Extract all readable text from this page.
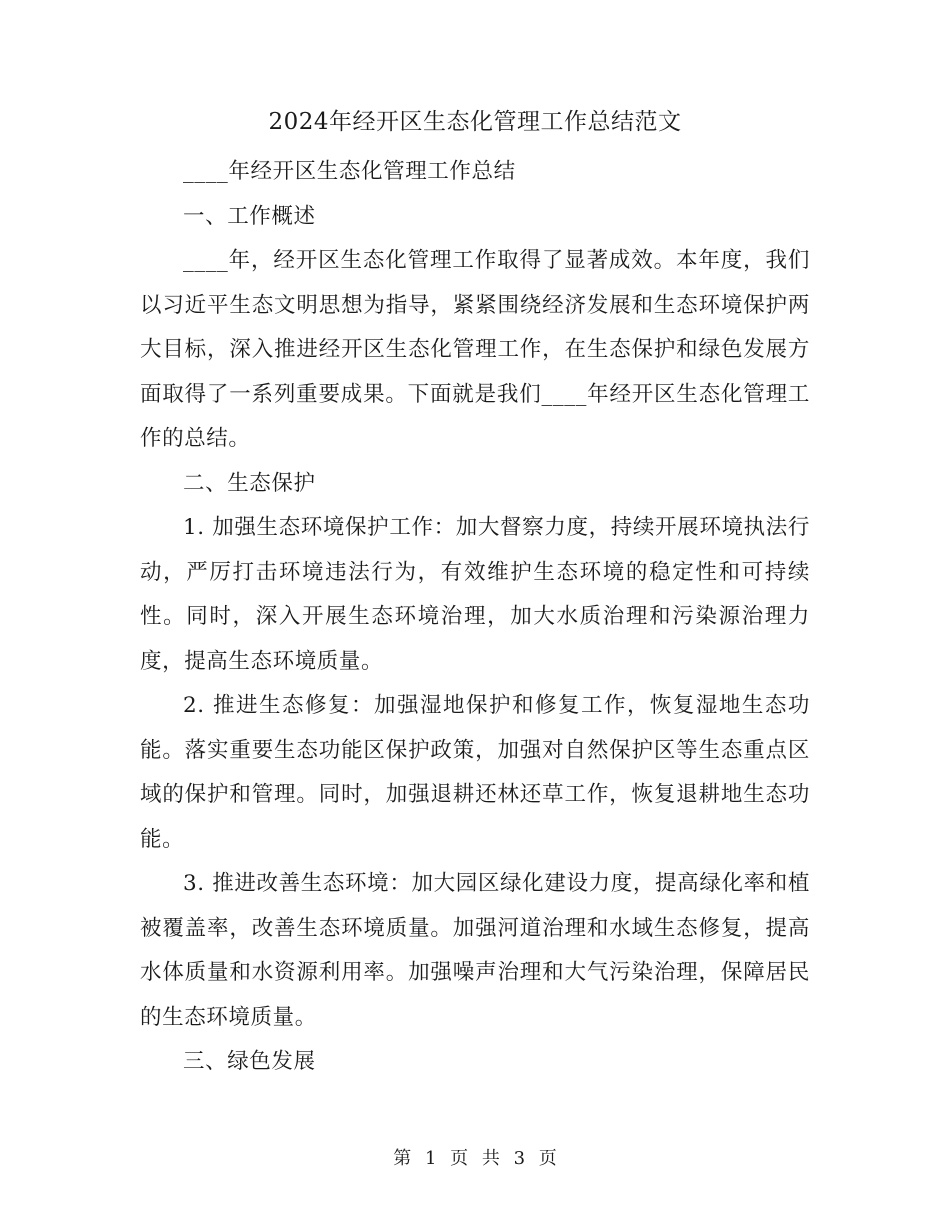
2024年经开区生态化管理工作总结范文

____年经开区生态化管理工作总结

一、工作概述

____年，经开区生态化管理工作取得了显著成效。本年度，我们以习近平生态文明思想为指导，紧紧围绕经济发展和生态环境保护两大目标，深入推进经开区生态化管理工作，在生态保护和绿色发展方面取得了一系列重要成果。下面就是我们____年经开区生态化管理工作的总结。

二、生态保护

1. 加强生态环境保护工作：加大督察力度，持续开展环境执法行动，严厉打击环境违法行为，有效维护生态环境的稳定性和可持续性。同时，深入开展生态环境治理，加大水质治理和污染源治理力度，提高生态环境质量。

2. 推进生态修复：加强湿地保护和修复工作，恢复湿地生态功能。落实重要生态功能区保护政策，加强对自然保护区等生态重点区域的保护和管理。同时，加强退耕还林还草工作，恢复退耕地生态功能。

3. 推进改善生态环境：加大园区绿化建设力度，提高绿化率和植被覆盖率，改善生态环境质量。加强河道治理和水域生态修复，提高水体质量和水资源利用率。加强噪声治理和大气污染治理，保障居民的生态环境质量。

三、绿色发展

第 1 页 共 3 页
